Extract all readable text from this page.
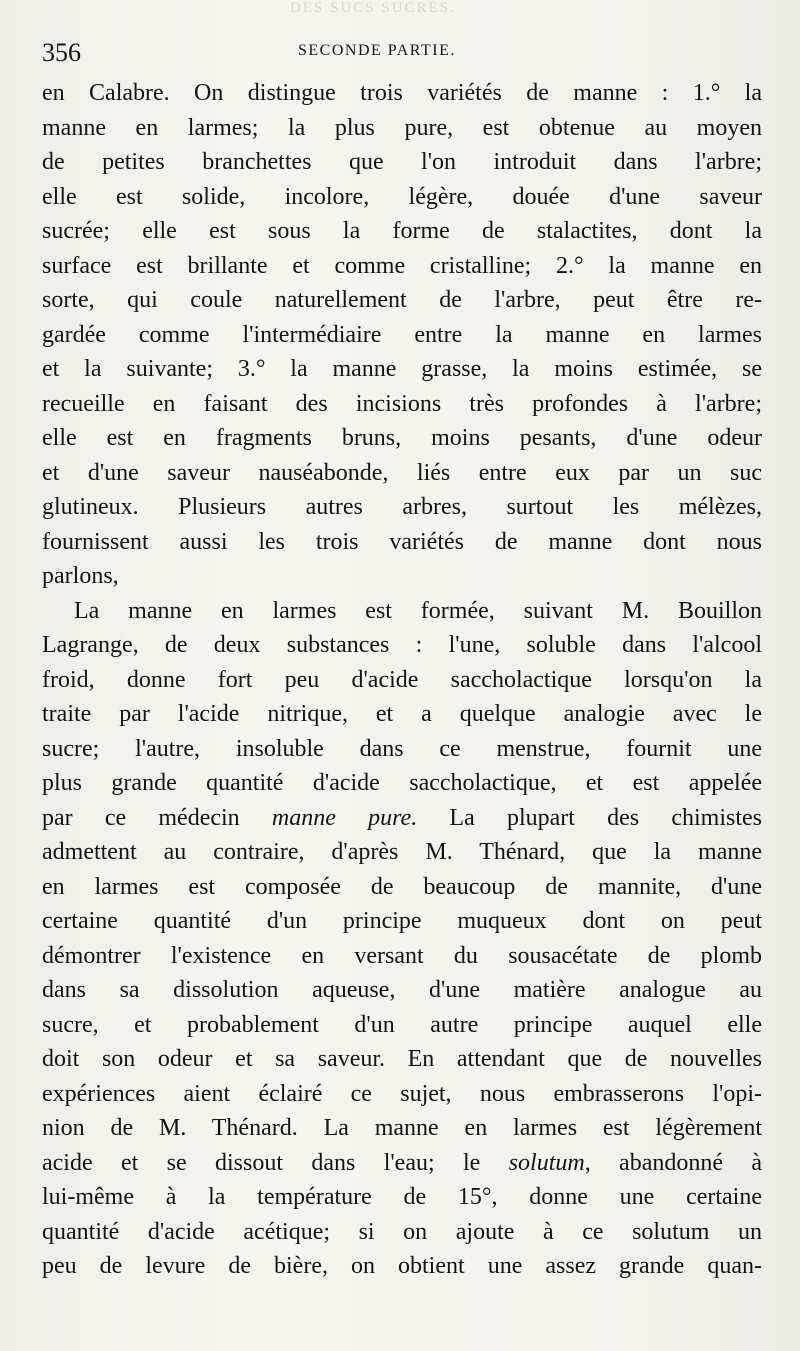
DES SUCS SUCRÉS.
356	SECONDE PARTIE.
en Calabre. On distingue trois variétés de manne : 1.° la
manne en larmes; la plus pure, est obtenue au moyen
de petites branchettes que l'on introduit dans l'arbre;
elle est solide, incolore, légère, douée d'une saveur
sucrée; elle est sous la forme de stalactites, dont la
surface est brillante et comme cristalline; 2.° la manne en
sorte, qui coule naturellement de l'arbre, peut être re-
gardée comme l'intermédiaire entre la manne en larmes
et la suivante; 3.° la manne grasse, la moins estimée, se
recueille en faisant des incisions très profondes à l'arbre;
elle est en fragments bruns, moins pesants, d'une odeur
et d'une saveur nauséabonde, liés entre eux par un suc
glutineux. Plusieurs autres arbres, surtout les mélèzes,
fournissent aussi les trois variétés de manne dont nous
parlons,
La manne en larmes est formée, suivant M. Bouillon
Lagrange, de deux substances : l'une, soluble dans l'alcool
froid, donne fort peu d'acide saccholactique lorsqu'on la
traite par l'acide nitrique, et a quelque analogie avec le
sucre; l'autre, insoluble dans ce menstrue, fournit une
plus grande quantité d'acide saccholactique, et est appelée
par ce médecin manne pure. La plupart des chimistes
admettent au contraire, d'après M. Thénard, que la manne
en larmes est composée de beaucoup de mannite, d'une
certaine quantité d'un principe muqueux dont on peut
démontrer l'existence en versant du sousacétate de plomb
dans sa dissolution aqueuse, d'une matière analogue au
sucre, et probablement d'un autre principe auquel elle
doit son odeur et sa saveur. En attendant que de nouvelles
expériences aient éclairé ce sujet, nous embrasserons l'opi-
nion de M. Thénard. La manne en larmes est légèrement
acide et se dissout dans l'eau; le solutum, abandonné à
lui-même à la température de 15°, donne une certaine
quantité d'acide acétique; si on ajoute à ce solutum un
peu de levure de bière, on obtient une assez grande quan-
